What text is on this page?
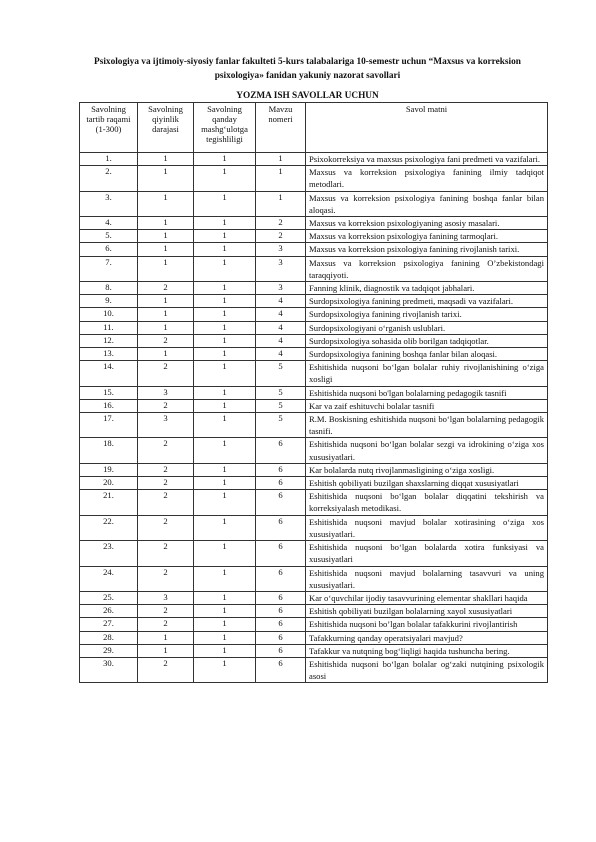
Psixologiya va ijtimoiy-siyosiy fanlar fakulteti 5-kurs talabalariga 10-semestr uchun “Maxsus va korreksion psixologiya» fanidan yakuniy nazorat savollari
YOZMA ISH SAVOLLAR UCHUN
Savolning tartib raqami (1-300)	Savolning qiyinlik darajasi	Savolning qanday mashg‘ulotga tegishliligi	Mavzu nomeri	Savol matni
1.	1	1	1	Psixokorreksiya va maxsus psixologiya fani predmeti va vazifalari.
2.	1	1	1	Maxsus va korreksion psixologiya fanining ilmiy tadqiqot metodlari.
3.	1	1	1	Maxsus va korreksion psixologiya fanining boshqa fanlar bilan aloqasi.
4.	1	1	2	Maxsus va korreksion psixologiyaning asosiy masalari.
5.	1	1	2	Maxsus va korreksion psixologiya fanining tarmoqlari.
6.	1	1	3	Maxsus va korreksion psixologiya fanining rivojlanish tarixi.
7.	1	1	3	Maxsus va korreksion psixologiya fanining O’zbekistondagi taraqqiyoti.
8.	2	1	3	Fanning klinik, diagnostik va tadqiqot jabhalari.
9.	1	1	4	Surdopsixologiya fanining predmeti, maqsadi va vazifalari.
10.	1	1	4	Surdopsixologiya fanining rivojlanish tarixi.
11.	1	1	4	Surdopsixologiyani o‘rganish uslublari.
12.	2	1	4	Surdopsixologiya sohasida olib borilgan tadqiqotlar.
13.	1	1	4	Surdopsixologiya fanining boshqa fanlar bilan aloqasi.
14.	2	1	5	Eshitishida nuqsoni bo‘lgan bolalar ruhiy rivojlanishining o‘ziga xosligi
15.	3	1	5	Eshitishida nuqsoni bo'lgan bolalarning pedagogik tasnifi
16.	2	1	5	Kar va zaif eshituvchi bolalar tasnifi
17.	3	1	5	R.M. Boskisning eshitishida nuqsoni bo‘lgan bolalarning pedagogik tasnifi.
18.	2	1	6	Eshitishida nuqsoni bo‘lgan bolalar sezgi va idrokining o‘ziga xos xususiyatlari.
19.	2	1	6	Kar bolalarda nutq rivojlanmasligining o‘ziga xosligi.
20.	2	1	6	Eshitish qobiliyati buzilgan shaxslarning diqqat xususiyatlari
21.	2	1	6	Eshitishida nuqsoni bo‘lgan bolalar diqqatini tekshirish va korreksiyalash metodikasi.
22.	2	1	6	Eshitishida nuqsoni mavjud bolalar xotirasining o‘ziga xos xususiyatlari.
23.	2	1	6	Eshitishida nuqsoni bo‘lgan bolalarda xotira funksiyasi va xususiyatlari
24.	2	1	6	Eshitishida nuqsoni mavjud bolalarning tasavvuri va uning xususiyatlari.
25.	3	1	6	Kar o‘quvchilar ijodiy tasavvurining elementar shakllari haqida
26.	2	1	6	Eshitish qobiliyati buzilgan bolalarning xayol xususiyatlari
27.	2	1	6	Eshitishida nuqsoni bo’lgan bolalar tafakkurini rivojlantirish
28.	1	1	6	Tafakkurning qanday operatsiyalari mavjud?
29.	1	1	6	Tafakkur va nutqning bog‘liqligi haqida tushuncha bering.
30.	2	1	6	Eshitishida nuqsoni bo‘lgan bolalar og‘zaki nutqining psixologik asosi
